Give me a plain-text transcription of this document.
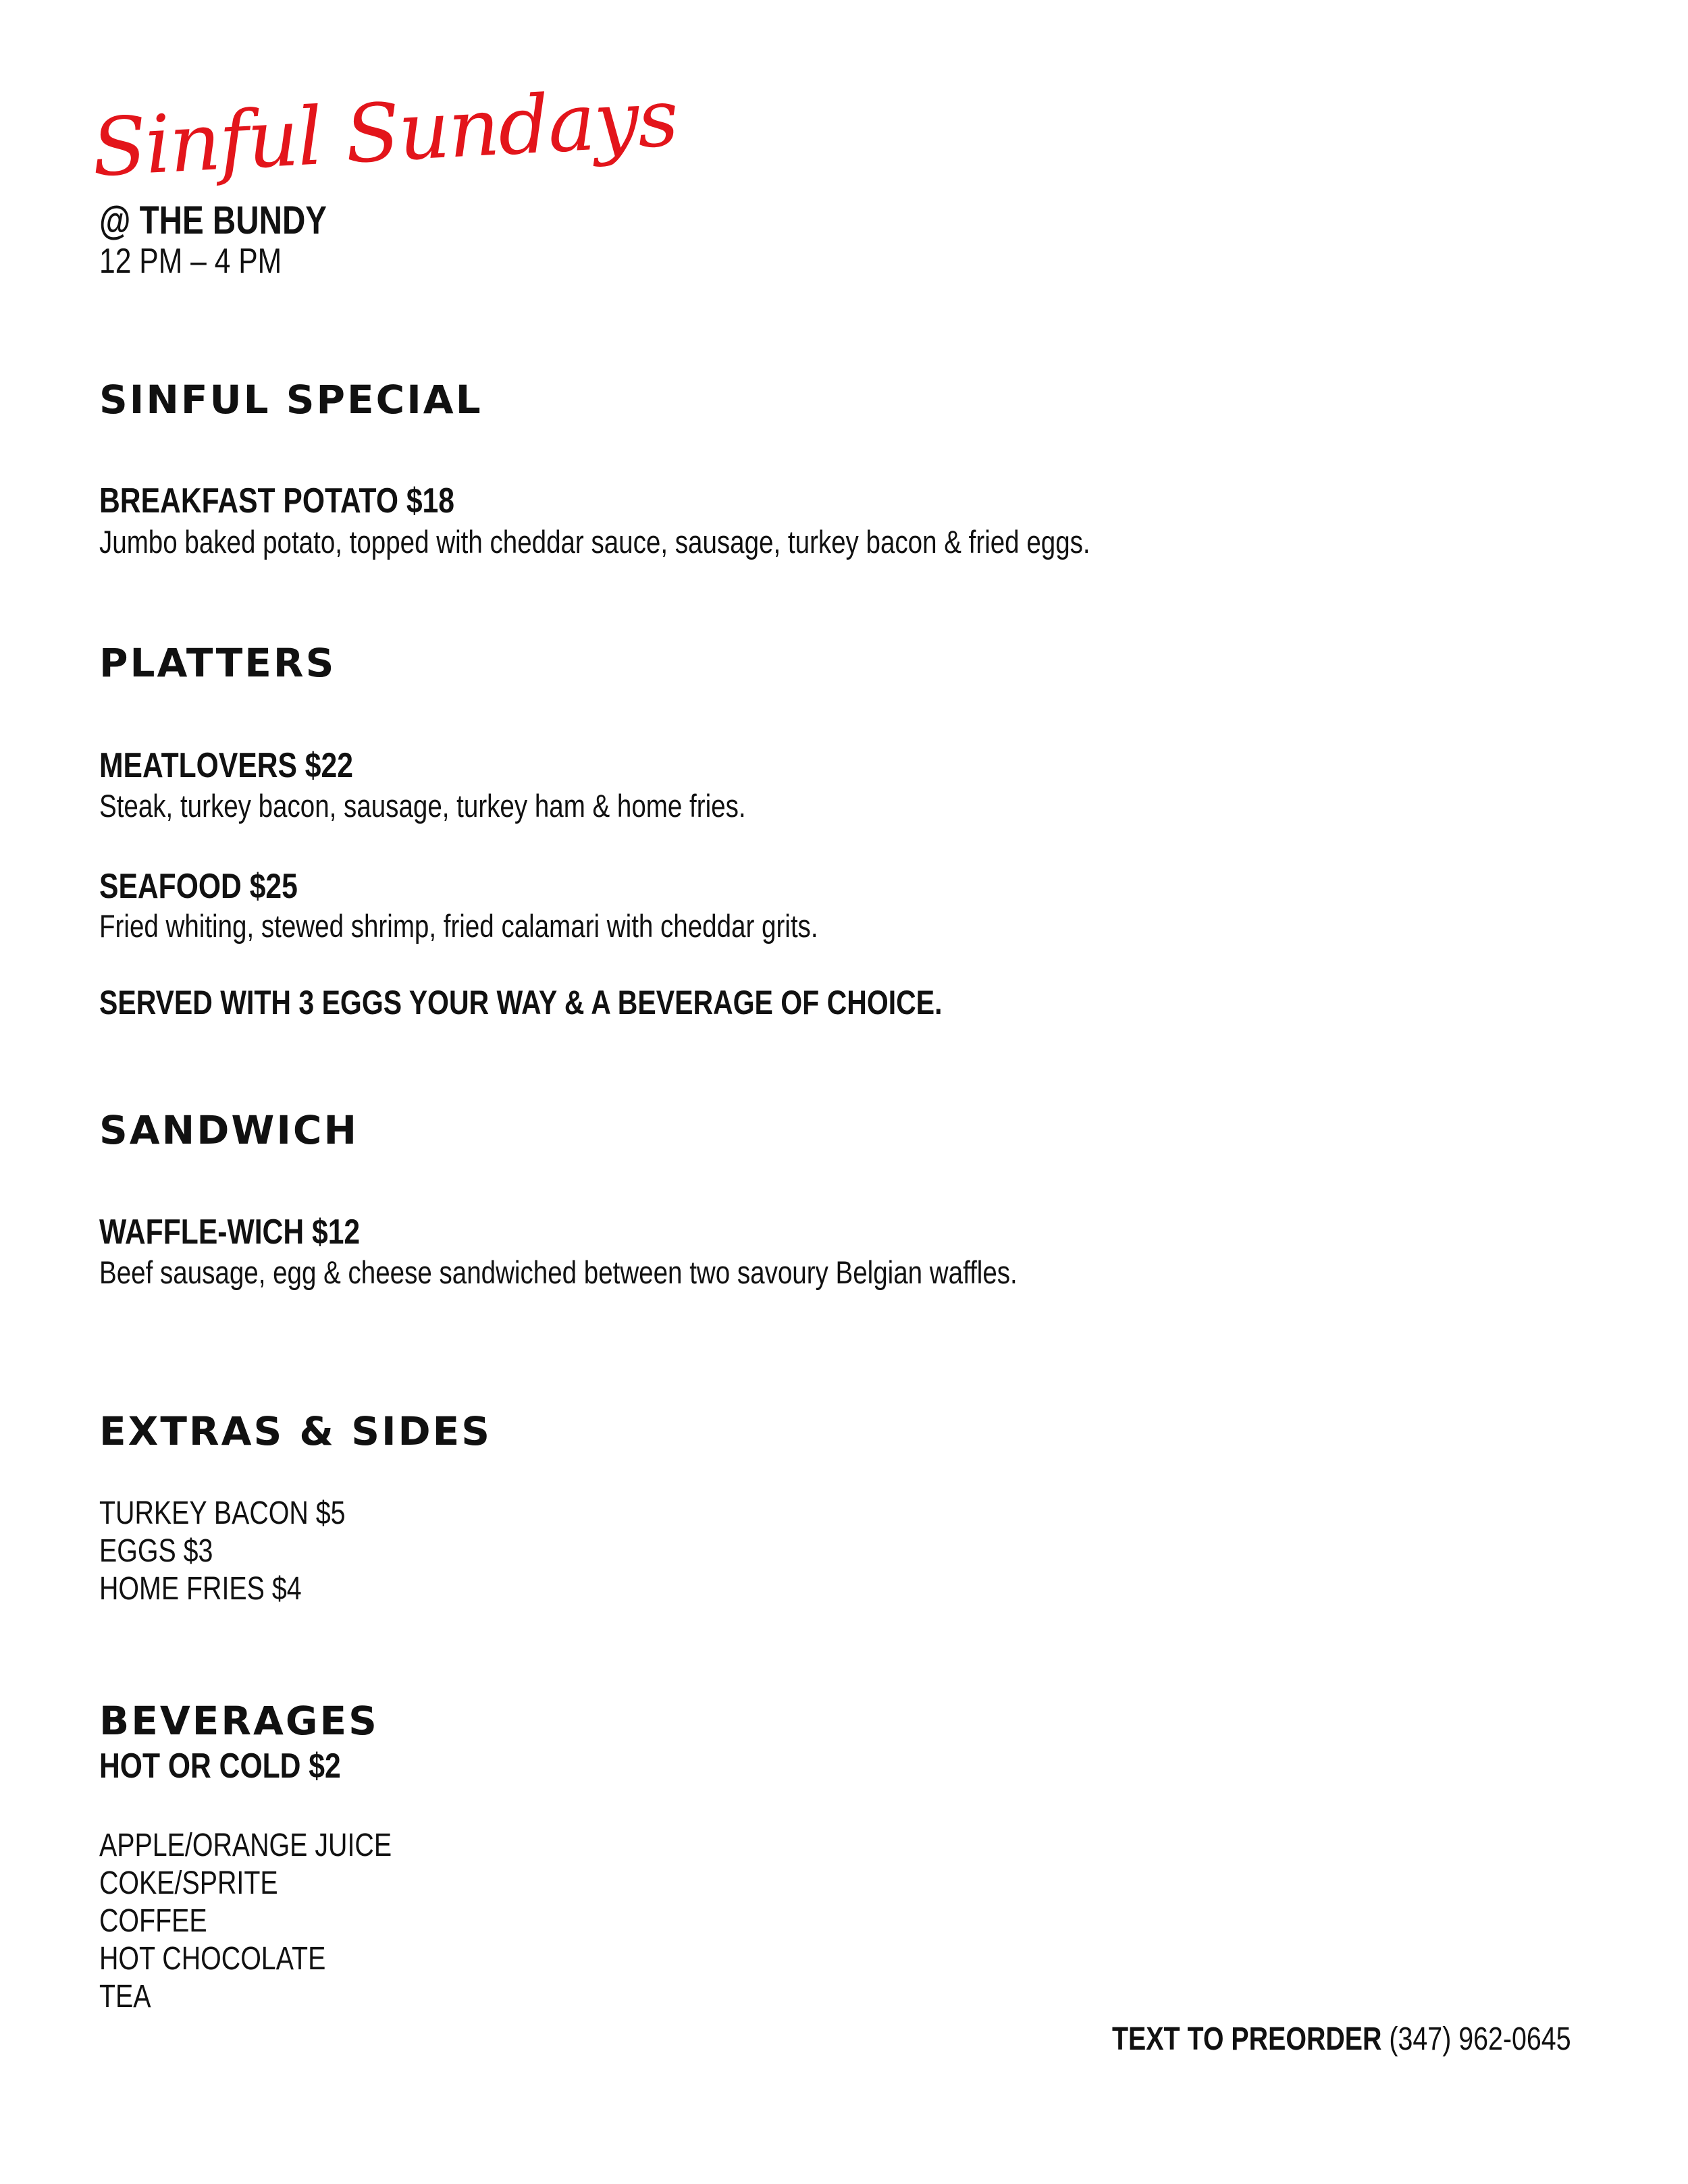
Sinful Sundays
@ THE BUNDY
12 PM – 4 PM
SINFUL SPECIAL
BREAKFAST POTATO $18
Jumbo baked potato, topped with cheddar sauce, sausage, turkey bacon & fried eggs.
PLATTERS
MEATLOVERS $22
Steak, turkey bacon, sausage, turkey ham & home fries.
SEAFOOD $25
Fried whiting, stewed shrimp, fried calamari with cheddar grits.
SERVED WITH 3 EGGS YOUR WAY & A BEVERAGE OF CHOICE.
SANDWICH
WAFFLE-WICH $12
Beef sausage, egg & cheese sandwiched between two savoury Belgian waffles.
EXTRAS & SIDES
TURKEY BACON $5
EGGS $3
HOME FRIES $4
BEVERAGES
HOT OR COLD $2
APPLE/ORANGE JUICE
COKE/SPRITE
COFFEE
HOT CHOCOLATE
TEA
TEXT TO PREORDER (347) 962-0645
